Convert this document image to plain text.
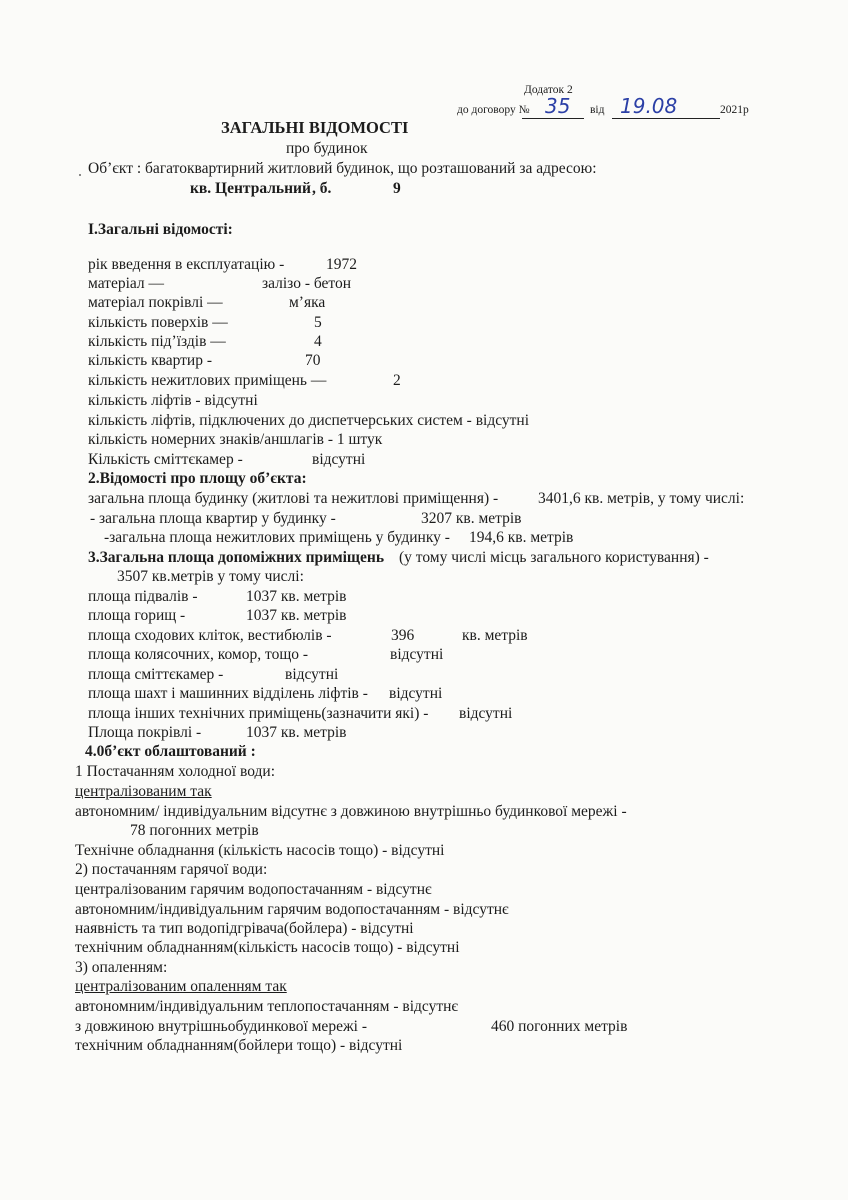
Додаток 2
до договору № 35 від 19.08	2021р
ЗАГАЛЬНІ ВІДОМОСТІ
про будинок
Об’єкт : багатоквартирний житловий будинок, що розташований за адресою:
кв. Центральний , б.	9
I.Загальні відомості:
рік введення в експлуатацію -	1972
матеріал —	залізо - бетон
матеріал покрівлі —	м’яка
кількість поверхів —	5
кількість під’їздів —	4
кількість квартир -	70
кількість нежитлових приміщень —	2
кількість ліфтів - відсутні
кількість ліфтів, підключених до диспетчерських систем - відсутні
кількість номерних знаків/аншлагів - 1 штук
Кількість сміттєкамер -	відсутні
2.Відомості про площу об’єкта:
загальна площа будинку (житлові та нежитлові приміщення) -	3401,6 кв. метрів, у тому числі:
- загальна площа квартир у будинку -	3207 кв. метрів
-загальна площа нежитлових приміщень у будинку - 194,6 кв. метрів
3.Загальна площа допоміжних приміщень (у тому числі місць загального користування) -
3507 кв.метрів у тому числі:
площа підвалів -	1037 кв. метрів
площа горищ -	1037 кв. метрів
площа сходових кліток, вестибюлів -	396	кв. метрів
площа колясочних, комор, тощо -	відсутні
площа сміттєкамер -	відсутні
площа шахт і машинних відділень ліфтів - відсутні
площа інших технічних приміщень(зазначити які) - відсутні
Площа покрівлі -	1037 кв. метрів
4.0б’єкт облаштований :
1 Постачанням холодної води:
централізованим так
автономним/ індивідуальним відсутнє з довжиною внутрішньо будинкової мережі -
78 погонних метрів
Технічне обладнання (кількість насосів тощо) - відсутні
2) постачанням гарячої води:
централізованим гарячим водопостачанням - відсутнє
автономним/індивідуальним гарячим водопостачанням - відсутнє
наявність та тип водопідгрівача(бойлера) - відсутні
технічним обладнанням(кількість насосів тощо) - відсутні
3) опаленням:
централізованим опаленням так
автономним/індивідуальним теплопостачанням - відсутнє
з довжиною внутрішньобудинкової мережі -	460 погонних метрів
технічним обладнанням(бойлери тощо) - відсутні
